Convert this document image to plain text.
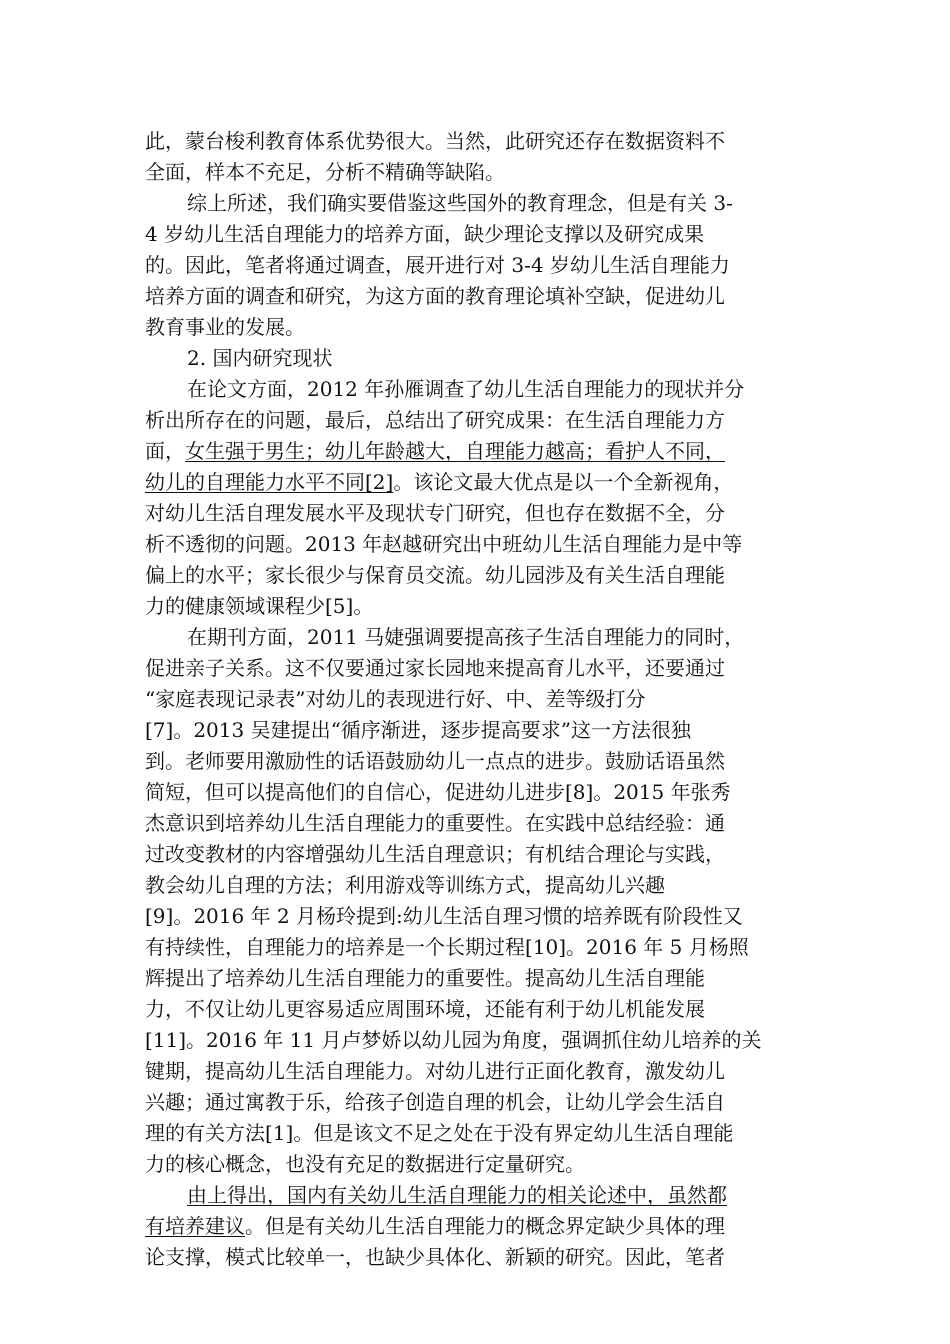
此，蒙台梭利教育体系优势很大。当然，此研究还存在数据资料不
全面，样本不充足，分析不精确等缺陷。
综上所述，我们确实要借鉴这些国外的教育理念，但是有关 3-
4 岁幼儿生活自理能力的培养方面，缺少理论支撑以及研究成果
的。因此，笔者将通过调查，展开进行对 3-4 岁幼儿生活自理能力
培养方面的调查和研究，为这方面的教育理论填补空缺，促进幼儿
教育事业的发展。
2. 国内研究现状
在论文方面，2012 年孙雁调查了幼儿生活自理能力的现状并分
析出所存在的问题，最后，总结出了研究成果：在生活自理能力方
面，女生强于男生；幼儿年龄越大，自理能力越高；看护人不同，
幼儿的自理能力水平不同[2]。该论文最大优点是以一个全新视角，
对幼儿生活自理发展水平及现状专门研究，但也存在数据不全，分
析不透彻的问题。2013 年赵越研究出中班幼儿生活自理能力是中等
偏上的水平；家长很少与保育员交流。幼儿园涉及有关生活自理能
力的健康领域课程少[5]。
在期刊方面，2011 马婕强调要提高孩子生活自理能力的同时，
促进亲子关系。这不仅要通过家长园地来提高育儿水平，还要通过
“家庭表现记录表”对幼儿的表现进行好、中、差等级打分
[7]。2013 吴建提出“循序渐进，逐步提高要求”这一方法很独
到。老师要用激励性的话语鼓励幼儿一点点的进步。鼓励话语虽然
简短，但可以提高他们的自信心，促进幼儿进步[8]。2015 年张秀
杰意识到培养幼儿生活自理能力的重要性。在实践中总结经验：通
过改变教材的内容增强幼儿生活自理意识；有机结合理论与实践，
教会幼儿自理的方法；利用游戏等训练方式，提高幼儿兴趣
[9]。2016 年 2 月杨玲提到:幼儿生活自理习惯的培养既有阶段性又
有持续性，自理能力的培养是一个长期过程[10]。2016 年 5 月杨照
辉提出了培养幼儿生活自理能力的重要性。提高幼儿生活自理能
力，不仅让幼儿更容易适应周围环境，还能有利于幼儿机能发展
[11]。2016 年 11 月卢梦娇以幼儿园为角度，强调抓住幼儿培养的关
键期，提高幼儿生活自理能力。对幼儿进行正面化教育，激发幼儿
兴趣；通过寓教于乐，给孩子创造自理的机会，让幼儿学会生活自
理的有关方法[1]。但是该文不足之处在于没有界定幼儿生活自理能
力的核心概念，也没有充足的数据进行定量研究。
由上得出，国内有关幼儿生活自理能力的相关论述中，虽然都
有培养建议。但是有关幼儿生活自理能力的概念界定缺少具体的理
论支撑，模式比较单一，也缺少具体化、新颖的研究。因此，笔者
